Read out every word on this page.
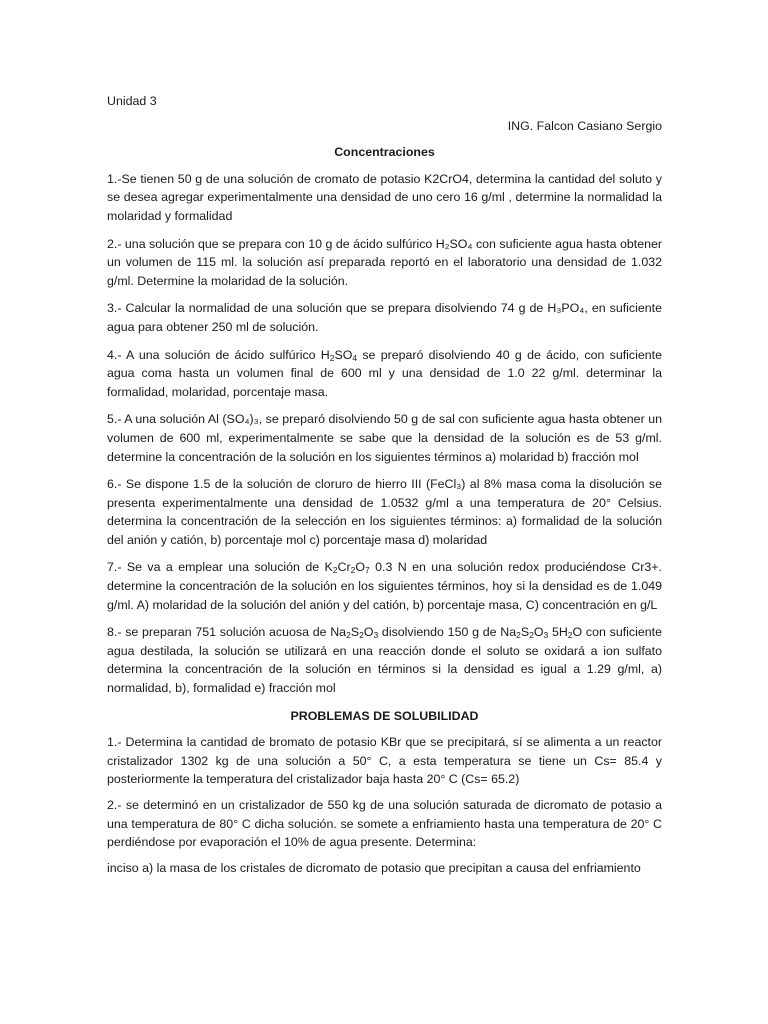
Unidad 3

ING. Falcon Casiano Sergio

Concentraciones

1.-Se tienen 50 g de una solución de cromato de potasio K2CrO4, determina la cantidad del soluto y se desea agregar experimentalmente una densidad de uno cero 16 g/ml , determine la normalidad la molaridad y formalidad

2.- una solución que se prepara con 10 g de ácido sulfúrico H₂SO₄ con suficiente agua hasta obtener un volumen de 115 ml. la solución así preparada reportó en el laboratorio una densidad de 1.032 g/ml. Determine la molaridad de la solución.

3.- Calcular la normalidad de una solución que se prepara disolviendo 74 g de H₃PO₄, en suficiente agua para obtener 250 ml de solución.

4.- A una solución de ácido sulfúrico $H_2SO_4$ se preparó disolviendo 40 g de ácido, con suficiente agua coma hasta un volumen final de 600 ml y una densidad de 1.0 22 g/ml. determinar la formalidad, molaridad, porcentaje masa.

5.- A una solución Al (SO₄)₃, se preparó disolviendo 50 g de sal con suficiente agua hasta obtener un volumen de 600 ml, experimentalmente se sabe que la densidad de la solución es de 53 g/ml. determine la concentración de la solución en los siguientes términos a) molaridad b) fracción mol

6.- Se dispone 1.5 de la solución de cloruro de hierro III (FeCl₃) al 8% masa coma la disolución se presenta experimentalmente una densidad de 1.0532 g/ml a una temperatura de 20° Celsius. determina la concentración de la selección en los siguientes términos: a) formalidad de la solución del anión y catión, b) porcentaje mol c) porcentaje masa d) molaridad

7.- Se va a emplear una solución de $K_2Cr_2O_7$ 0.3 N en una solución redox produciéndose Cr3+. determine la concentración de la solución en los siguientes términos, hoy si la densidad es de 1.049 g/ml. A) molaridad de la solución del anión y del catión, b) porcentaje masa, C) concentración en g/L

8.- se preparan 751 solución acuosa de $Na_2S_2O_3$ disolviendo 150 g de $Na_2S_2O_3$ $5H_2O$ con suficiente agua destilada, la solución se utilizará en una reacción donde el soluto se oxidará a ion sulfato determina la concentración de la solución en términos si la densidad es igual a 1.29 g/ml, a) normalidad, b), formalidad e) fracción mol

PROBLEMAS DE SOLUBILIDAD

1.- Determina la cantidad de bromato de potasio KBr que se precipitará, sí se alimenta a un reactor cristalizador 1302 kg de una solución a 50° C, a esta temperatura se tiene un Cs= 85.4 y posteriormente la temperatura del cristalizador baja hasta 20° C (Cs= 65.2)

2.- se determinó en un cristalizador de 550 kg de una solución saturada de dicromato de potasio a una temperatura de 80° C dicha solución. se somete a enfriamiento hasta una temperatura de 20° C perdiéndose por evaporación el 10% de agua presente. Determina:

inciso a) la masa de los cristales de dicromato de potasio que precipitan a causa del enfriamiento
